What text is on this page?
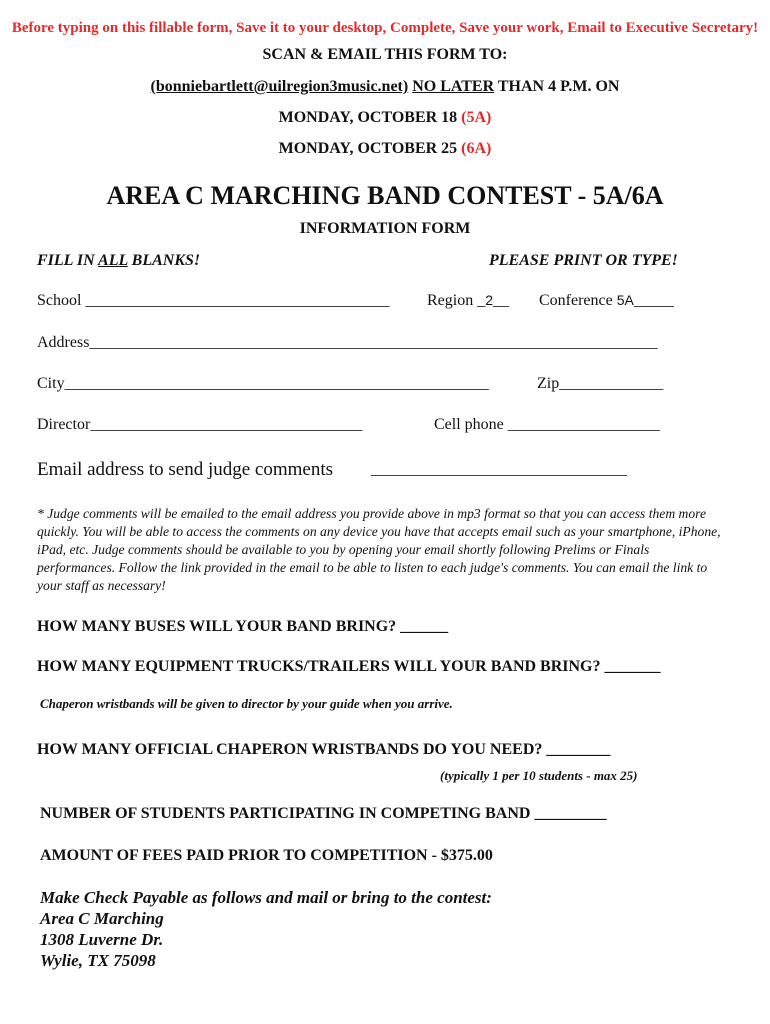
Before typing on this fillable form, Save it to your desktop, Complete, Save your work, Email to Executive Secretary!
SCAN & EMAIL THIS FORM TO:
(bonniebartlett@uilregion3music.net) NO LATER THAN 4 P.M. ON
MONDAY, OCTOBER 18 (5A)
MONDAY, OCTOBER 25 (6A)
AREA C MARCHING BAND CONTEST - 5A/6A
INFORMATION FORM
FILL IN ALL BLANKS!	PLEASE PRINT OR TYPE!
School ______________________________________ Region _2__ Conference 5A_____
Address_______________________________________________________________________
City_____________________________________________________	Zip_____________
Director__________________________________	Cell phone ___________________
Email address to send judge comments ________________________________
* Judge comments will be emailed to the email address you provide above in mp3 format so that you can access them more quickly. You will be able to access the comments on any device you have that accepts email such as your smartphone, iPhone, iPad, etc. Judge comments should be available to you by opening your email shortly following Prelims or Finals performances. Follow the link provided in the email to be able to listen to each judge's comments. You can email the link to your staff as necessary!
HOW MANY BUSES WILL YOUR BAND BRING? ______
HOW MANY EQUIPMENT TRUCKS/TRAILERS WILL YOUR BAND BRING? _______
Chaperon wristbands will be given to director by your guide when you arrive.
HOW MANY OFFICIAL CHAPERON WRISTBANDS DO YOU NEED? ________
(typically 1 per 10 students - max 25)
NUMBER OF STUDENTS PARTICIPATING IN COMPETING BAND _________
AMOUNT OF FEES PAID PRIOR TO COMPETITION - $375.00
Make Check Payable as follows and mail or bring to the contest:
Area C Marching
1308 Luverne Dr.
Wylie, TX 75098
